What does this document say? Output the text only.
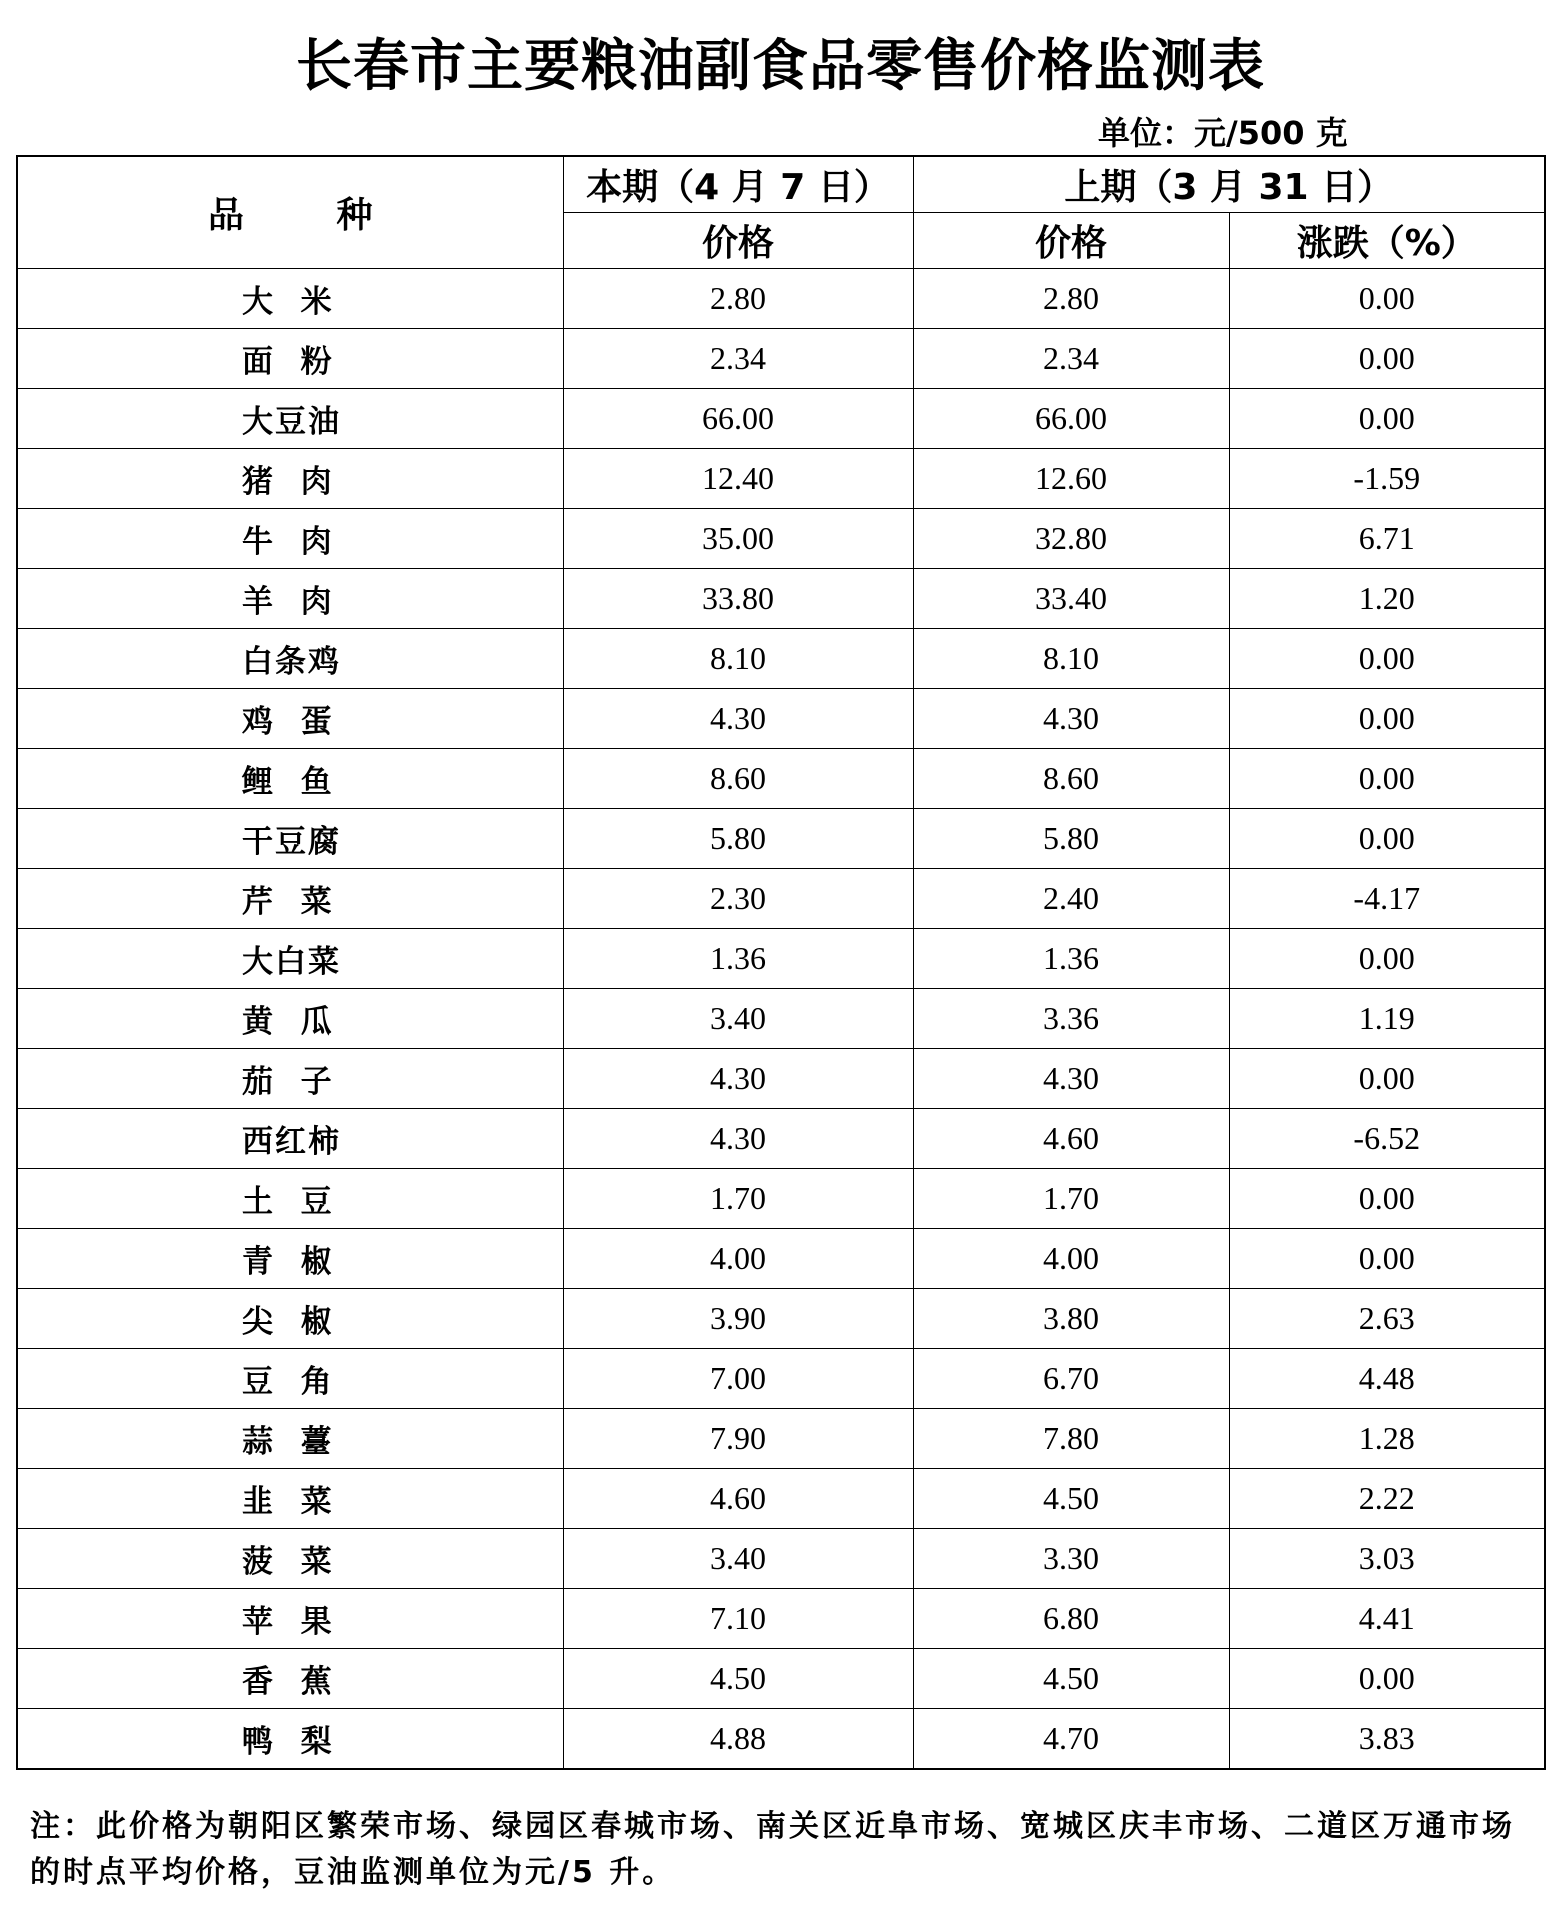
长春市主要粮油副食品零售价格监测表
单位：元/500 克
品 种	本期（4 月 7 日）	上期（3 月 31 日）	
	价格	价格	涨跌（%）
大  米	2.80	2.80	0.00
面  粉	2.34	2.34	0.00
大豆油	66.00	66.00	0.00
猪  肉	12.40	12.60	-1.59
牛  肉	35.00	32.80	6.71
羊  肉	33.80	33.40	1.20
白条鸡	8.10	8.10	0.00
鸡  蛋	4.30	4.30	0.00
鲤  鱼	8.60	8.60	0.00
干豆腐	5.80	5.80	0.00
芹  菜	2.30	2.40	-4.17
大白菜	1.36	1.36	0.00
黄  瓜	3.40	3.36	1.19
茄  子	4.30	4.30	0.00
西红柿	4.30	4.60	-6.52
土  豆	1.70	1.70	0.00
青  椒	4.00	4.00	0.00
尖  椒	3.90	3.80	2.63
豆  角	7.00	6.70	4.48
蒜  薹	7.90	7.80	1.28
韭  菜	4.60	4.50	2.22
菠  菜	3.40	3.30	3.03
苹  果	7.10	6.80	4.41
香  蕉	4.50	4.50	0.00
鸭  梨	4.88	4.70	3.83
注：此价格为朝阳区繁荣市场、绿园区春城市场、南关区近阜市场、宽城区庆丰市场、二道区万通市场的时点平均价格，豆油监测单位为元/5 升。
